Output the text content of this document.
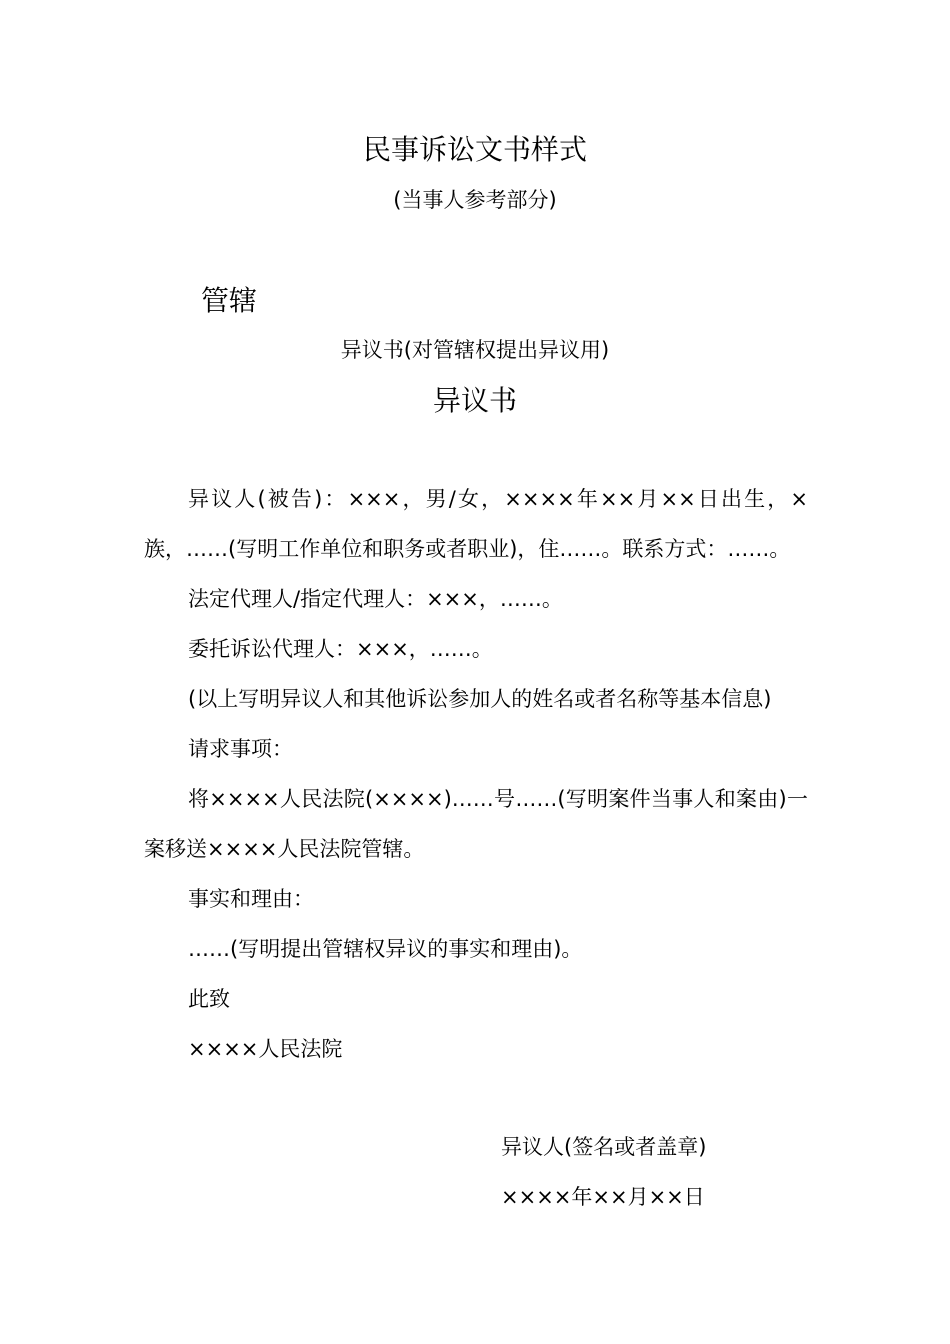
民事诉讼文书样式
(当事人参考部分)
管辖
异议书(对管辖权提出异议用)
异议书

异议人(被告)：×××，男/女，××××年××月××日出生，×族，……(写明工作单位和职务或者职业)，住……。联系方式：……。

法定代理人/指定代理人：×××，……。

委托诉讼代理人：×××，……。

(以上写明异议人和其他诉讼参加人的姓名或者名称等基本信息)

请求事项：

将××××人民法院(××××)……号……(写明案件当事人和案由)一案移送××××人民法院管辖。

事实和理由：

……(写明提出管辖权异议的事实和理由)。

此致

××××人民法院

异议人(签名或者盖章)
××××年××月××日
